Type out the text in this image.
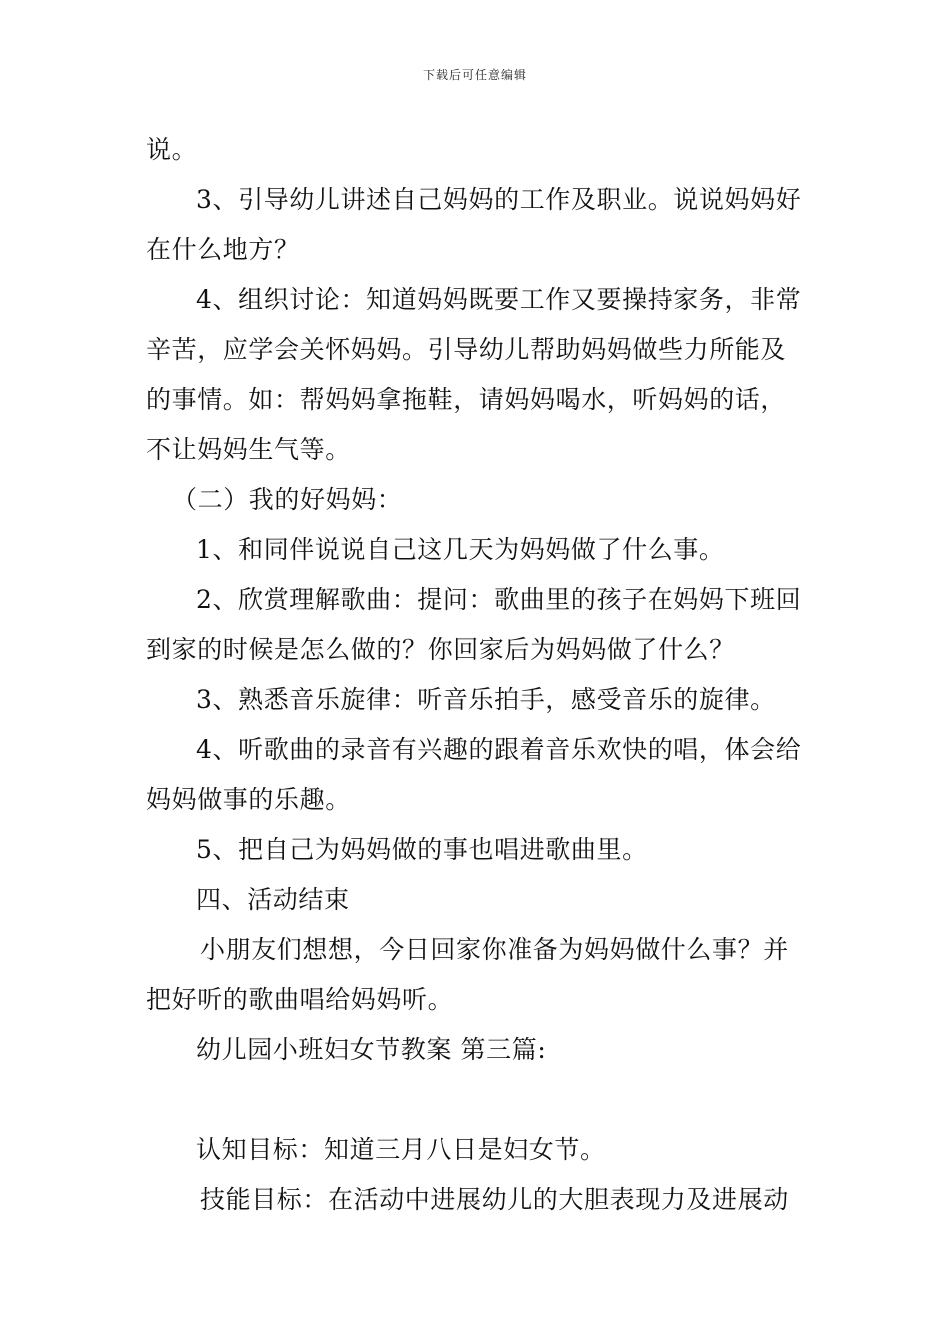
下载后可任意编辑
说。
3、引导幼儿讲述自己妈妈的工作及职业。说说妈妈好
在什么地方？
4、组织讨论：知道妈妈既要工作又要操持家务，非常
辛苦，应学会关怀妈妈。引导幼儿帮助妈妈做些力所能及
的事情。如：帮妈妈拿拖鞋，请妈妈喝水，听妈妈的话，
不让妈妈生气等。
（二）我的好妈妈：
1、和同伴说说自己这几天为妈妈做了什么事。
2、欣赏理解歌曲：提问：歌曲里的孩子在妈妈下班回
到家的时候是怎么做的？你回家后为妈妈做了什么？
3、熟悉音乐旋律：听音乐拍手，感受音乐的旋律。
4、听歌曲的录音有兴趣的跟着音乐欢快的唱，体会给
妈妈做事的乐趣。
5、把自己为妈妈做的事也唱进歌曲里。
四、活动结束
小朋友们想想，今日回家你准备为妈妈做什么事？并
把好听的歌曲唱给妈妈听。
幼儿园小班妇女节教案 第三篇:
认知目标：知道三月八日是妇女节。
技能目标：在活动中进展幼儿的大胆表现力及进展动
